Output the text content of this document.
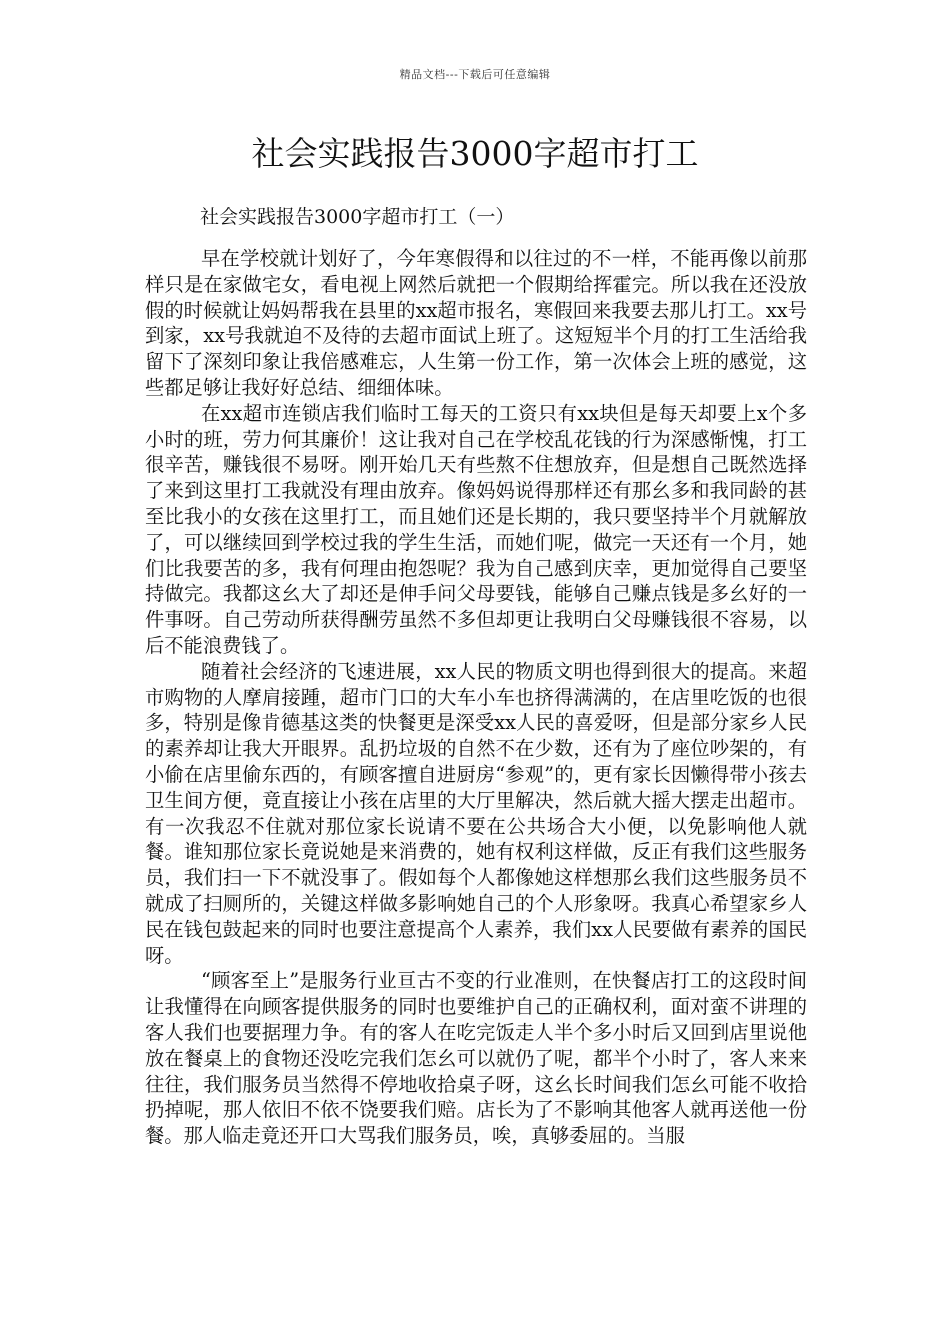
精品文档---下载后可任意编辑
社会实践报告3000字超市打工
社会实践报告3000字超市打工（一）

早在学校就计划好了，今年寒假得和以往过的不一样，不能再像以前那样只是在家做宅女，看电视上网然后就把一个假期给挥霍完。所以我在还没放假的时候就让妈妈帮我在县里的xx超市报名，寒假回来我要去那儿打工。xx号到家，xx号我就迫不及待的去超市面试上班了。这短短半个月的打工生活给我留下了深刻印象让我倍感难忘，人生第一份工作，第一次体会上班的感觉，这些都足够让我好好总结、细细体味。

在xx超市连锁店我们临时工每天的工资只有xx块但是每天却要上x个多小时的班，劳力何其廉价！这让我对自己在学校乱花钱的行为深感惭愧，打工很辛苦，赚钱很不易呀。刚开始几天有些熬不住想放弃，但是想自己既然选择了来到这里打工我就没有理由放弃。像妈妈说得那样还有那幺多和我同龄的甚至比我小的女孩在这里打工，而且她们还是长期的，我只要坚持半个月就解放了，可以继续回到学校过我的学生生活，而她们呢，做完一天还有一个月，她们比我要苦的多，我有何理由抱怨呢？我为自己感到庆幸，更加觉得自己要坚持做完。我都这幺大了却还是伸手问父母要钱，能够自己赚点钱是多幺好的一件事呀。自己劳动所获得酬劳虽然不多但却更让我明白父母赚钱很不容易，以后不能浪费钱了。

随着社会经济的飞速进展，xx人民的物质文明也得到很大的提高。来超市购物的人摩肩接踵，超市门口的大车小车也挤得满满的，在店里吃饭的也很多，特别是像肯德基这类的快餐更是深受xx人民的喜爱呀，但是部分家乡人民的素养却让我大开眼界。乱扔垃圾的自然不在少数，还有为了座位吵架的，有小偷在店里偷东西的，有顾客擅自进厨房“参观”的，更有家长因懒得带小孩去卫生间方便，竟直接让小孩在店里的大厅里解决，然后就大摇大摆走出超市。有一次我忍不住就对那位家长说请不要在公共场合大小便，以免影响他人就餐。谁知那位家长竟说她是来消费的，她有权利这样做，反正有我们这些服务员，我们扫一下不就没事了。假如每个人都像她这样想那幺我们这些服务员不就成了扫厕所的，关键这样做多影响她自己的个人形象呀。我真心希望家乡人民在钱包鼓起来的同时也要注意提高个人素养，我们xx人民要做有素养的国民呀。

“顾客至上”是服务行业亘古不变的行业准则，在快餐店打工的这段时间让我懂得在向顾客提供服务的同时也要维护自己的正确权利，面对蛮不讲理的客人我们也要据理力争。有的客人在吃完饭走人半个多小时后又回到店里说他放在餐桌上的食物还没吃完我们怎幺可以就仍了呢，都半个小时了，客人来来往往，我们服务员当然得不停地收拾桌子呀，这幺长时间我们怎幺可能不收拾扔掉呢，那人依旧不依不饶要我们赔。店长为了不影响其他客人就再送他一份餐。那人临走竟还开口大骂我们服务员，唉，真够委屈的。当服
